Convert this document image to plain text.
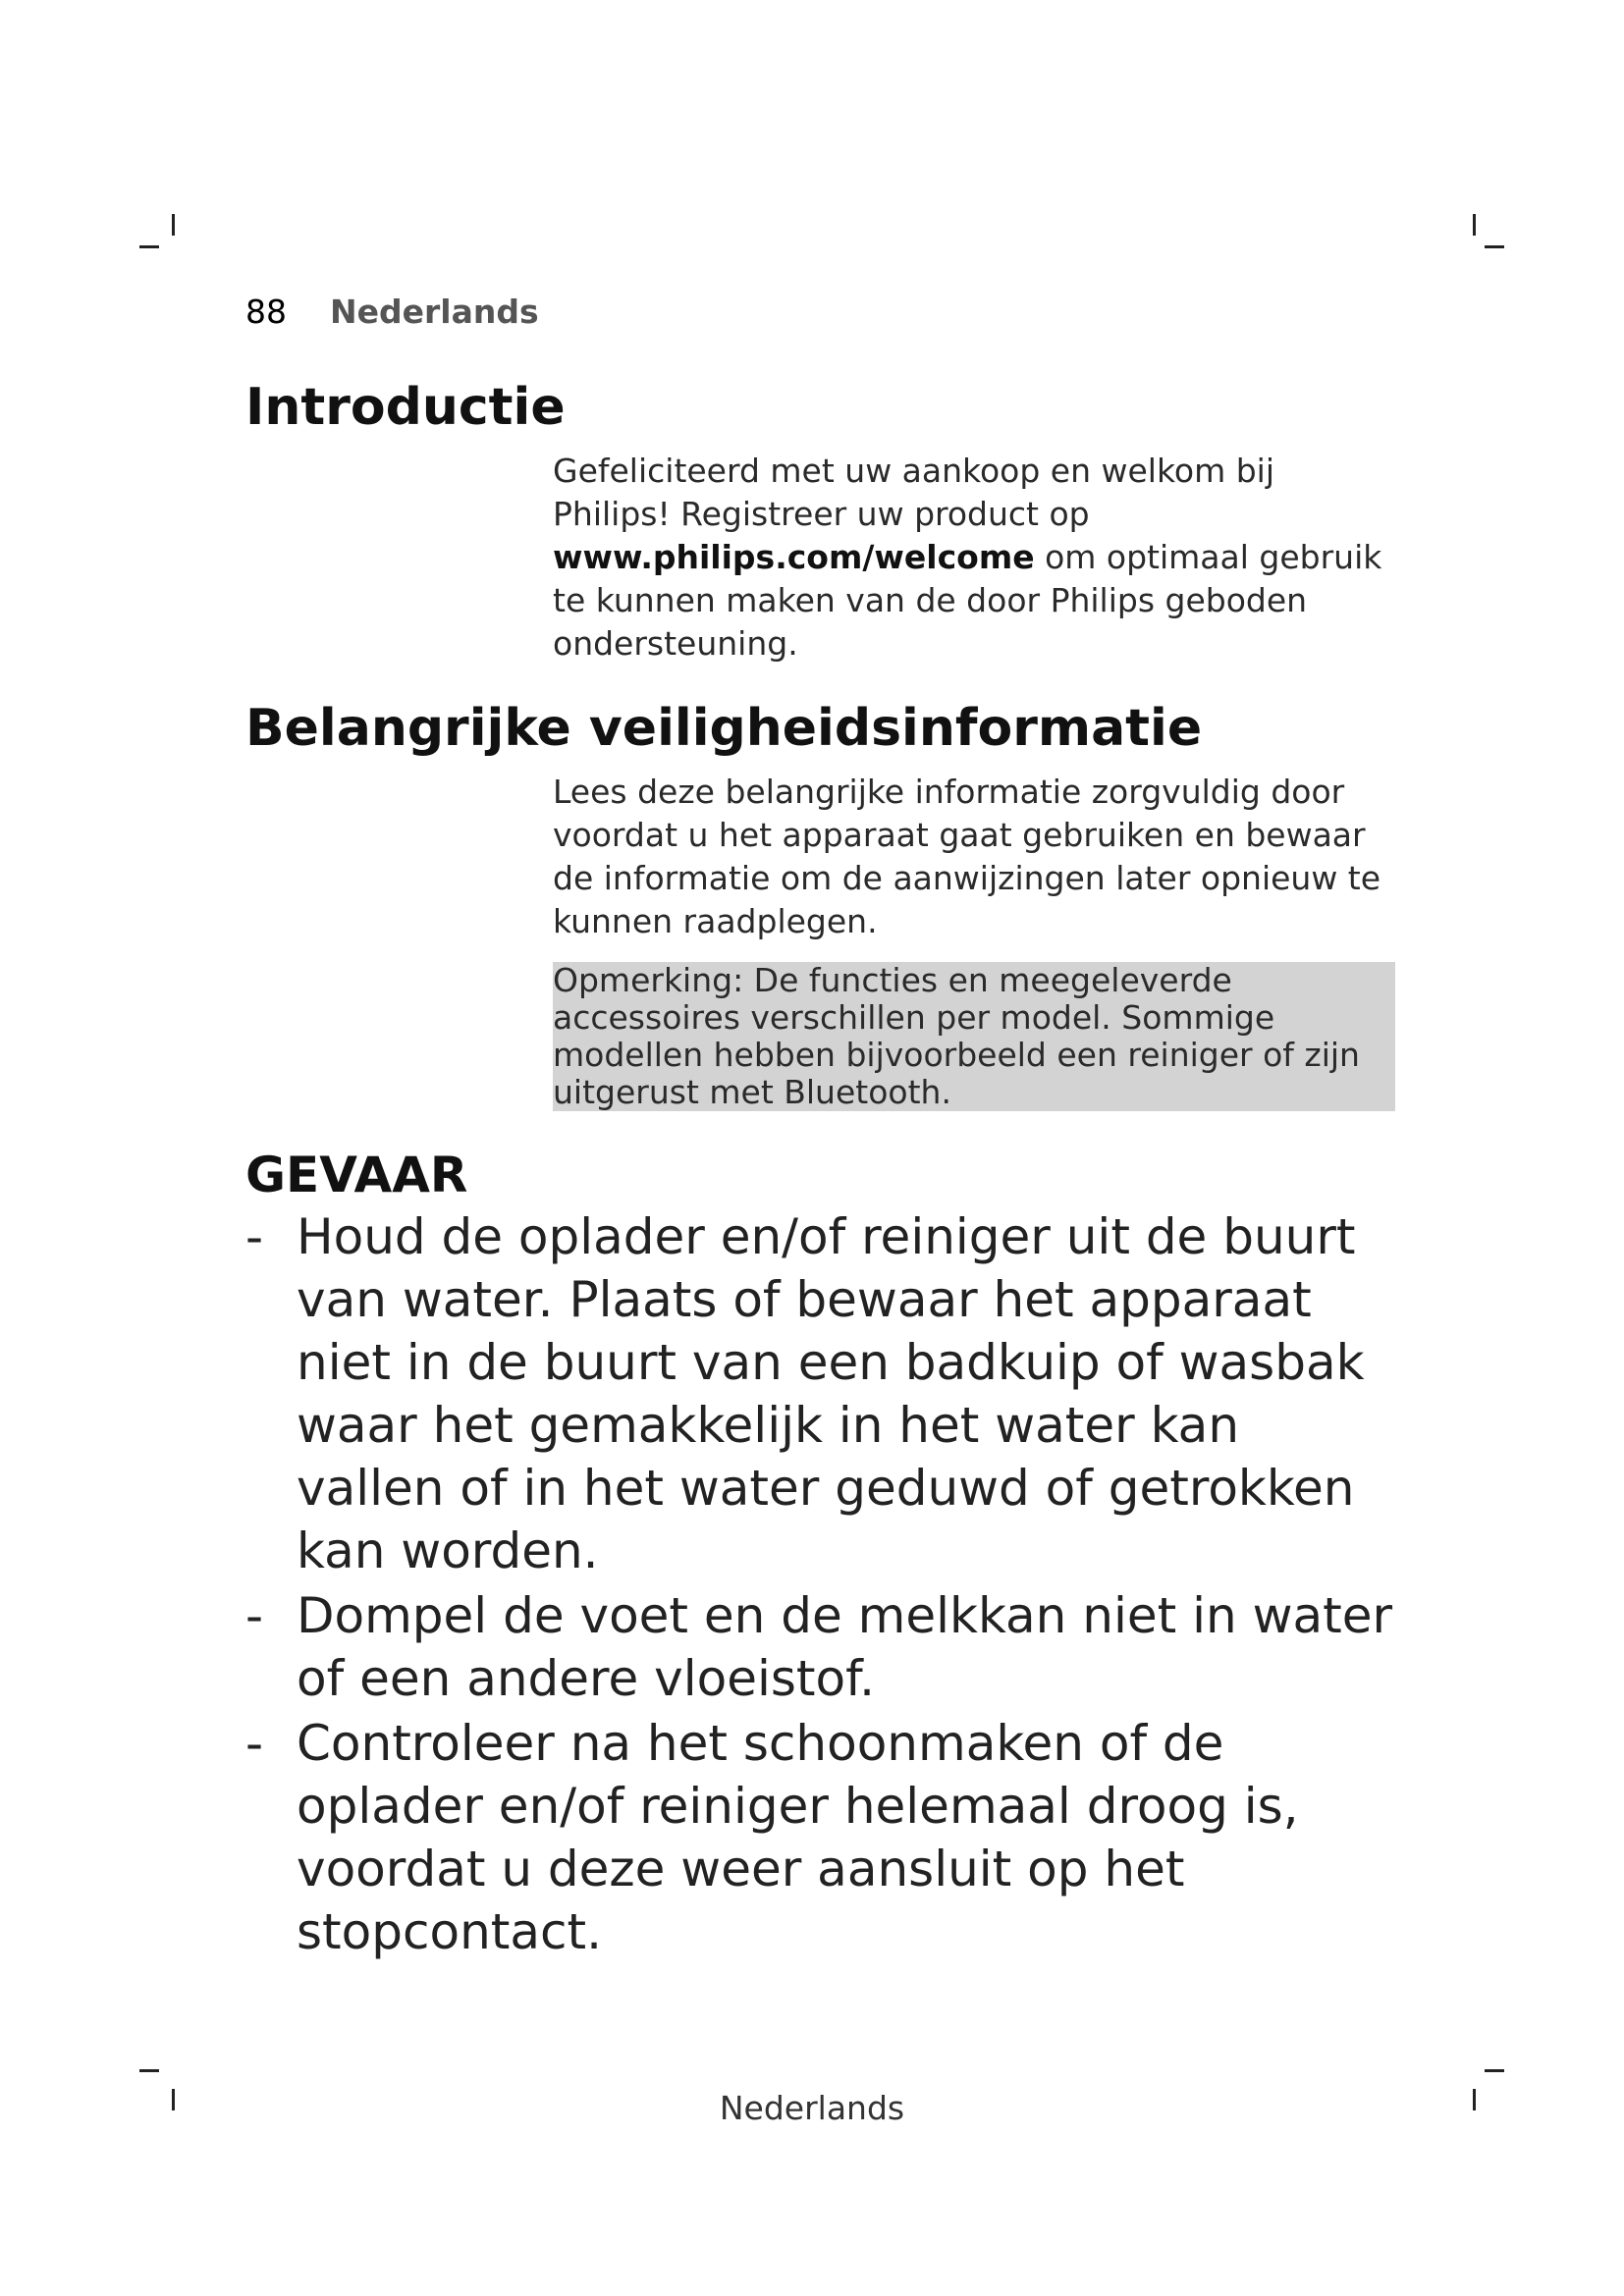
88 Nederlands
Introductie
Gefeliciteerd met uw aankoop en welkom bij Philips! Registreer uw product op www.philips.com/welcome om optimaal gebruik te kunnen maken van de door Philips geboden ondersteuning.
Belangrijke veiligheidsinformatie
Lees deze belangrijke informatie zorgvuldig door voordat u het apparaat gaat gebruiken en bewaar de informatie om de aanwijzingen later opnieuw te kunnen raadplegen.
Opmerking: De functies en meegeleverde accessoires verschillen per model. Sommige modellen hebben bijvoorbeeld een reiniger of zijn uitgerust met Bluetooth.
GEVAAR
- Houd de oplader en/of reiniger uit de buurt van water. Plaats of bewaar het apparaat niet in de buurt van een badkuip of wasbak waar het gemakkelijk in het water kan vallen of in het water geduwd of getrokken kan worden.
- Dompel de voet en de melkkan niet in water of een andere vloeistof.
- Controleer na het schoonmaken of de oplader en/of reiniger helemaal droog is, voordat u deze weer aansluit op het stopcontact.
Nederlands
